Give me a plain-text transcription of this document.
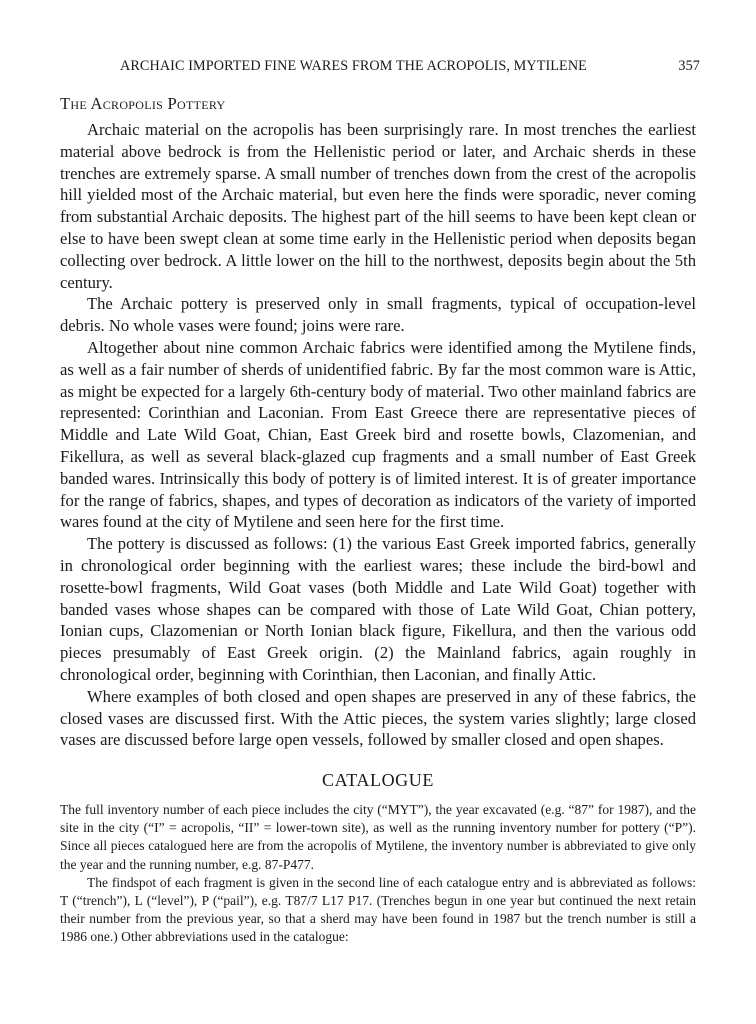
ARCHAIC IMPORTED FINE WARES FROM THE ACROPOLIS, MYTILENE	357
The Acropolis Pottery

Archaic material on the acropolis has been surprisingly rare. In most trenches the earliest material above bedrock is from the Hellenistic period or later, and Archaic sherds in these trenches are extremely sparse. A small number of trenches down from the crest of the acropolis hill yielded most of the Archaic material, but even here the finds were sporadic, never coming from substantial Archaic deposits. The highest part of the hill seems to have been kept clean or else to have been swept clean at some time early in the Hellenistic period when deposits began collecting over bedrock. A little lower on the hill to the northwest, deposits begin about the 5th century.

The Archaic pottery is preserved only in small fragments, typical of occupation-level debris. No whole vases were found; joins were rare.

Altogether about nine common Archaic fabrics were identified among the Mytilene finds, as well as a fair number of sherds of unidentified fabric. By far the most common ware is Attic, as might be expected for a largely 6th-century body of material. Two other mainland fabrics are represented: Corinthian and Laconian. From East Greece there are representative pieces of Middle and Late Wild Goat, Chian, East Greek bird and rosette bowls, Clazomenian, and Fikellura, as well as several black-glazed cup fragments and a small number of East Greek banded wares. Intrinsically this body of pottery is of limited interest. It is of greater importance for the range of fabrics, shapes, and types of decoration as indicators of the variety of imported wares found at the city of Mytilene and seen here for the first time.

The pottery is discussed as follows: (1) the various East Greek imported fabrics, generally in chronological order beginning with the earliest wares; these include the bird-bowl and rosette-bowl fragments, Wild Goat vases (both Middle and Late Wild Goat) together with banded vases whose shapes can be compared with those of Late Wild Goat, Chian pottery, Ionian cups, Clazomenian or North Ionian black figure, Fikellura, and then the various odd pieces presumably of East Greek origin. (2) the Mainland fabrics, again roughly in chronological order, beginning with Corinthian, then Laconian, and finally Attic.

Where examples of both closed and open shapes are preserved in any of these fabrics, the closed vases are discussed first. With the Attic pieces, the system varies slightly; large closed vases are discussed before large open vessels, followed by smaller closed and open shapes.

CATALOGUE

The full inventory number of each piece includes the city (“MYT”), the year excavated (e.g. “87” for 1987), and the site in the city (“I” = acropolis, “II” = lower-town site), as well as the running inventory number for pottery (“P”). Since all pieces catalogued here are from the acropolis of Mytilene, the inventory number is abbreviated to give only the year and the running number, e.g. 87-P477.

The findspot of each fragment is given in the second line of each catalogue entry and is abbreviated as follows: T (“trench”), L (“level”), P (“pail”), e.g. T87/7 L17 P17. (Trenches begun in one year but continued the next retain their number from the previous year, so that a sherd may have been found in 1987 but the trench number is still a 1986 one.) Other abbreviations used in the catalogue:
